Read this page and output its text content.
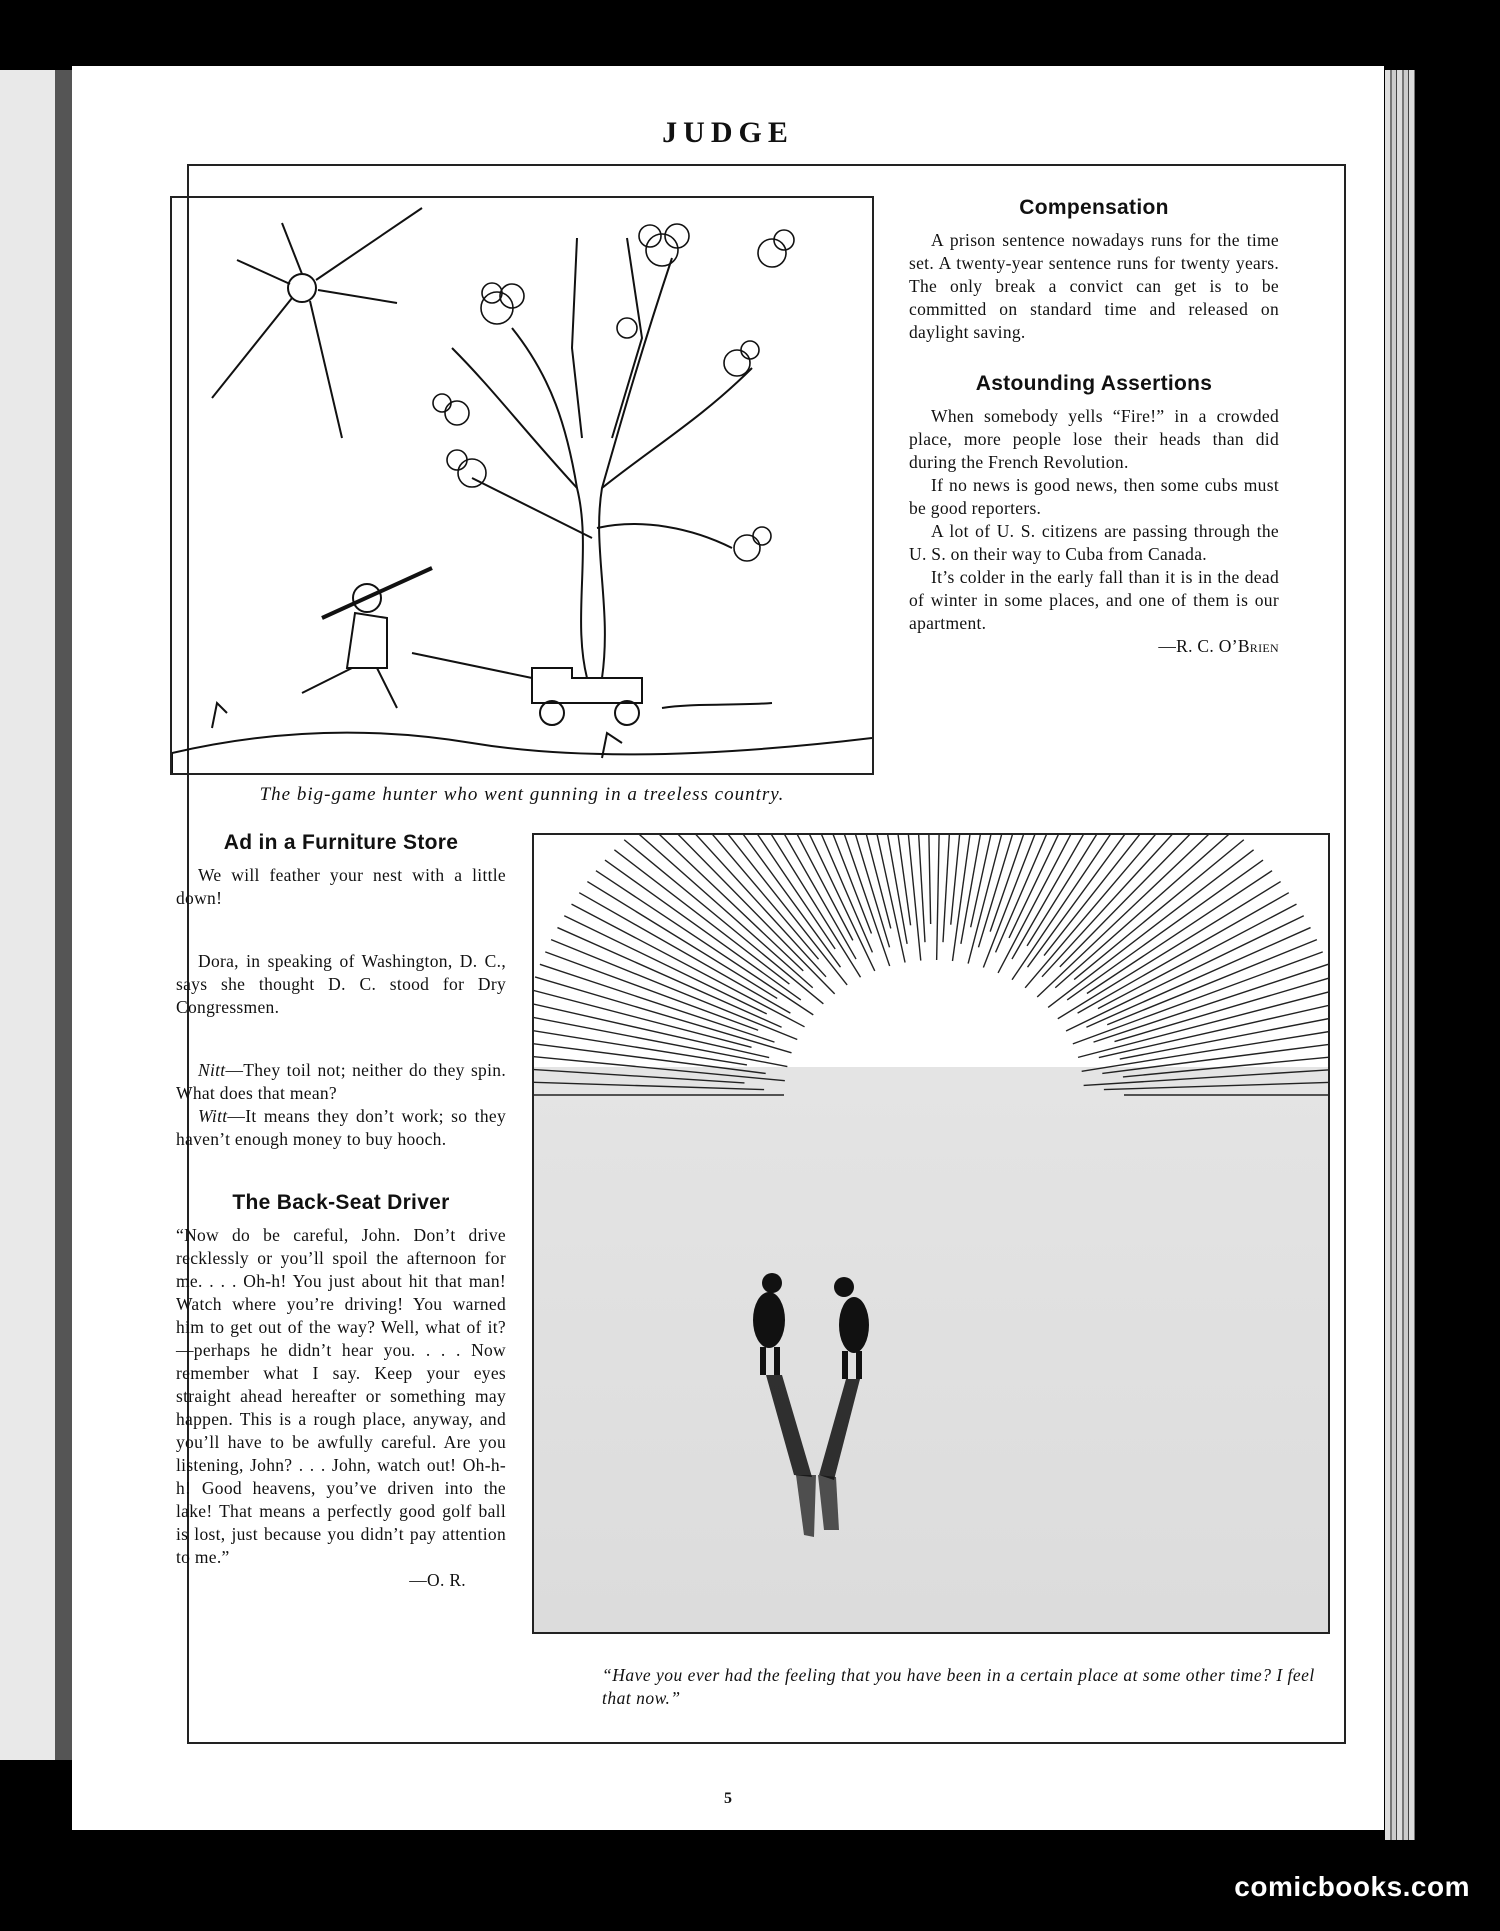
JUDGE
The big-game hunter who went gunning in a treeless country.
Compensation

A prison sentence nowadays runs for the time set. A twenty-year sentence runs for twenty years. The only break a convict can get is to be committed on standard time and released on daylight saving.

Astounding Assertions

When somebody yells “Fire!” in a crowded place, more people lose their heads than did during the French Revolution.

If no news is good news, then some cubs must be good reporters.

A lot of U. S. citizens are passing through the U. S. on their way to Cuba from Canada.

It’s colder in the early fall than it is in the dead of winter in some places, and one of them is our apartment.

—R. C. O’Brien
Ad in a Furniture Store

We will feather your nest with a little down!

Dora, in speaking of Washington, D. C., says she thought D. C. stood for Dry Congressmen.

Nitt—They toil not; neither do they spin. What does that mean?

Witt—It means they don’t work; so they haven’t enough money to buy hooch.

The Back-Seat Driver

“Now do be careful, John. Don’t drive recklessly or you’ll spoil the afternoon for me. . . . Oh-h! You just about hit that man! Watch where you’re driving! You warned him to get out of the way? Well, what of it?—perhaps he didn’t hear you. . . . Now remember what I say. Keep your eyes straight ahead hereafter or something may happen. This is a rough place, anyway, and you’ll have to be awfully careful. Are you listening, John? . . . John, watch out! Oh-h-h! Good heavens, you’ve driven into the lake! That means a perfectly good golf ball is lost, just because you didn’t pay attention to me.”

—O. R.
“Have you ever had the feeling that you have been in a certain place at some other time? I feel that now.”
5
comicbooks.com
